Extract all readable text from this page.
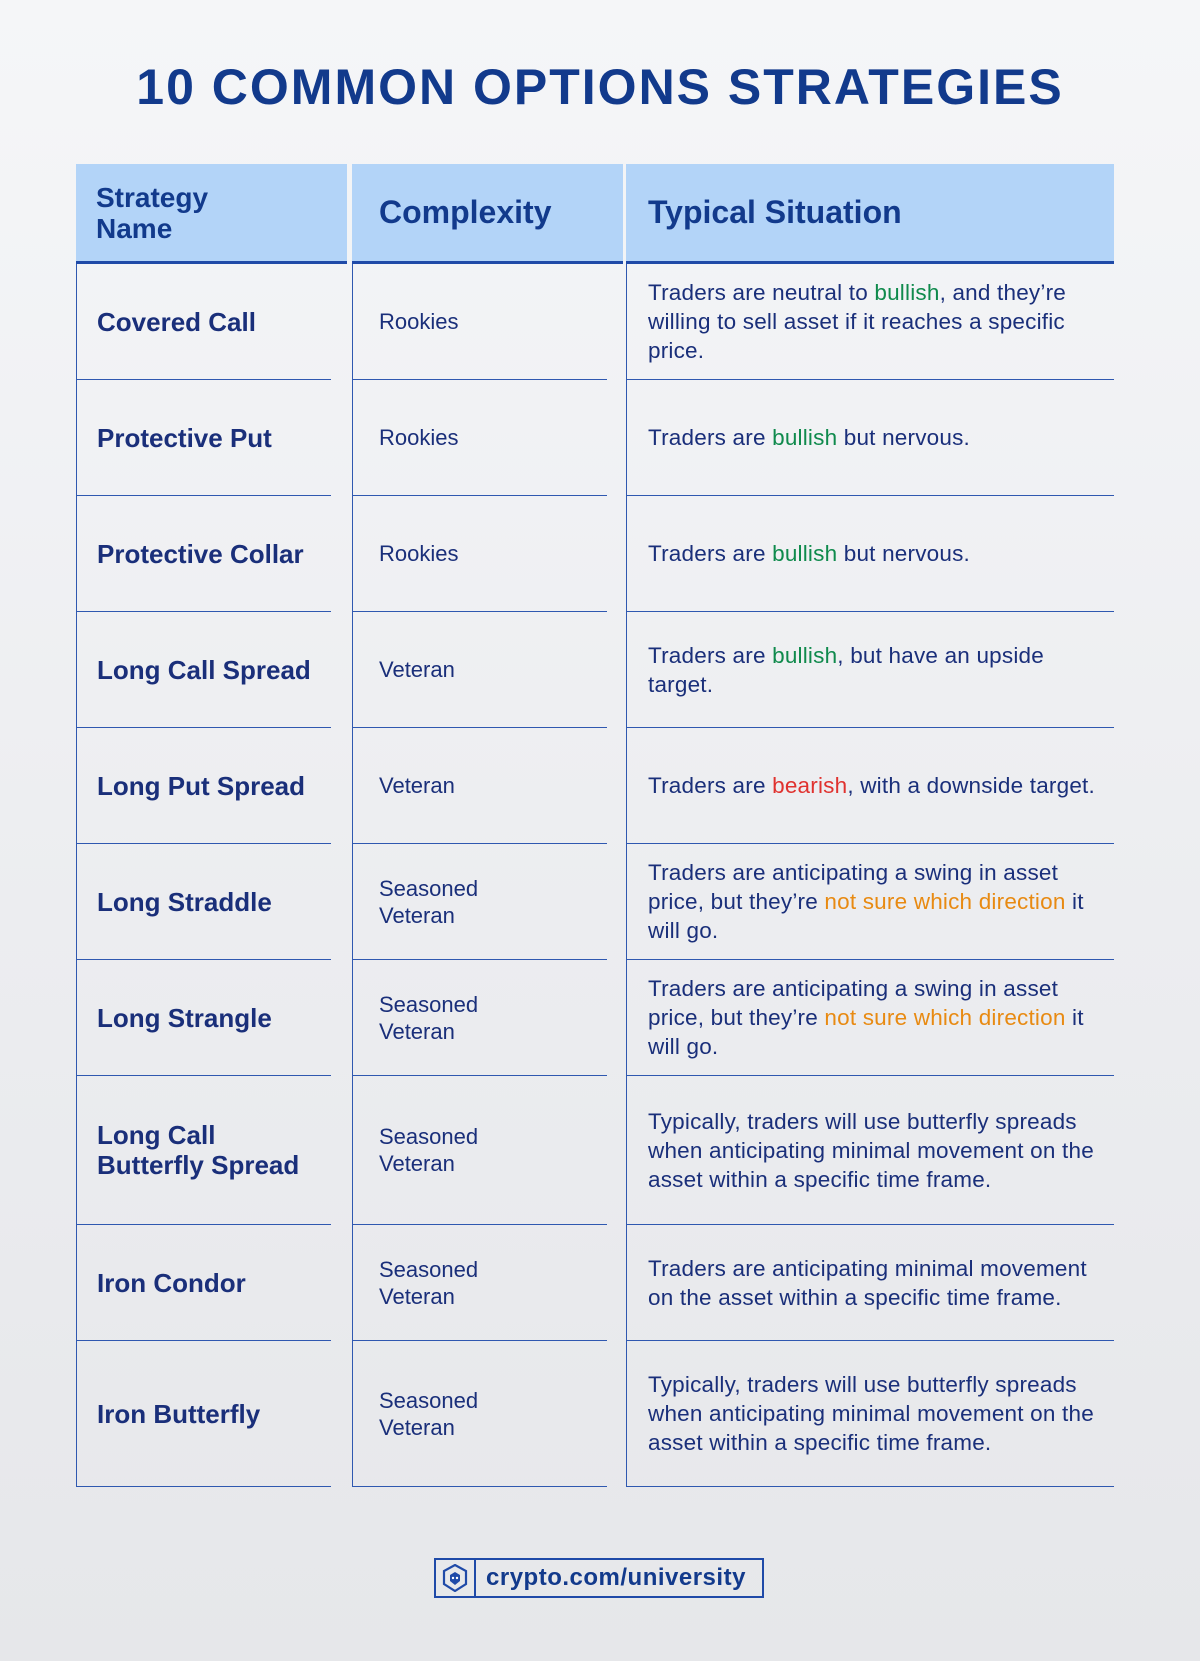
10 COMMON OPTIONS STRATEGIES
Strategy Name
Covered Call
Protective Put
Protective Collar
Long Call Spread
Long Put Spread
Long Straddle
Long Strangle
Long Call Butterfly Spread
Iron Condor
Iron Butterfly
Complexity
Rookies
Rookies
Rookies
Veteran
Veteran
Seasoned Veteran
Seasoned Veteran
Seasoned Veteran
Seasoned Veteran
Seasoned Veteran
Typical Situation
Traders are neutral to bullish, and they’re willing to sell asset if it reaches a specific price.
Traders are bullish but nervous.
Traders are bullish but nervous.
Traders are bullish, but have an upside target.
Traders are bearish, with a downside target.
Traders are anticipating a swing in asset price, but they’re not sure which direction it will go.
Traders are anticipating a swing in asset price, but they’re not sure which direction it will go.
Typically, traders will use butterfly spreads when anticipating minimal movement on the asset within a specific time frame.
Traders are anticipating minimal movement on the asset within a specific time frame.
Typically, traders will use butterfly spreads when anticipating minimal movement on the asset within a specific time frame.
crypto.com/university
